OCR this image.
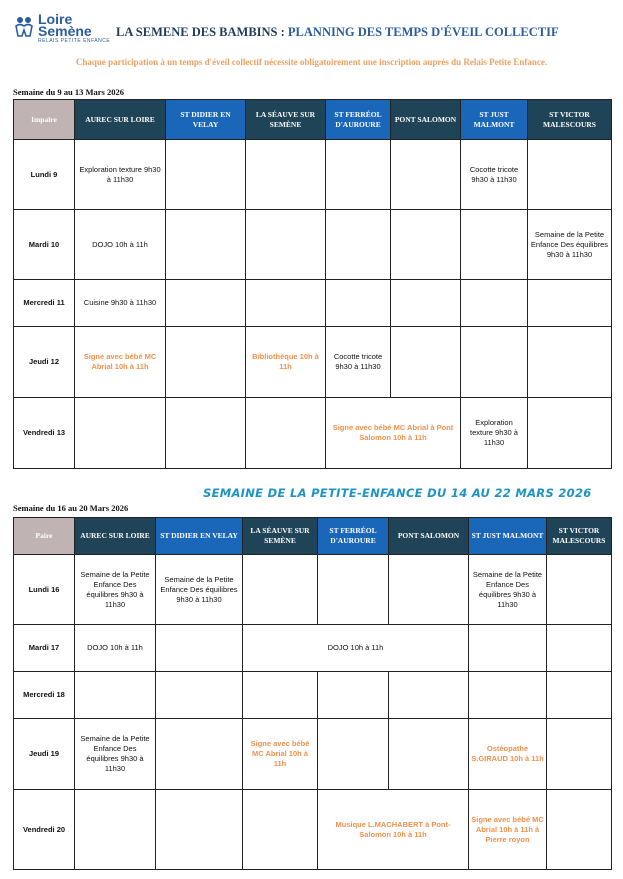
Loire
Semène
RELAIS PETITE ENFANCE
LA SEMENE DES BAMBINS : PLANNING DES TEMPS D'ÉVEIL COLLECTIF
Chaque participation à un temps d'éveil collectif nécessite obligatoirement une inscription auprès du Relais Petite Enfance.
Semaine du 9 au 13 Mars 2026
Impaire	AUREC SUR LOIRE	ST DIDIER EN VELAY	LA SÉAUVE SUR SEMÈNE	ST FERRÉOL D'AUROURE	PONT SALOMON	ST JUST MALMONT	ST VICTOR MALESCOURS
Lundi 9	Exploration texture 9h30 à 11h30					Cocotte tricote 9h30 à 11h30	
Mardi 10	DOJO 10h à 11h						Semaine de la Petite Enfance Des équilibres 9h30 à 11h30
Mercredi 11	Cuisine 9h30 à 11h30						
Jeudi 12	Signe avec bébé MC Abrial 10h à 11h		Bibliothèque 10h à 11h	Cocotte tricote 9h30 à 11h30			
Vendredi 13				Signe avec bébé MC Abrial à Pont Salomon 10h à 11h		Exploration texture 9h30 à 11h30	
SEMAINE DE LA PETITE-ENFANCE DU 14 AU 22 MARS 2026
Semaine du 16 au 20 Mars 2026
Paire	AUREC SUR LOIRE	ST DIDIER EN VELAY	LA SÉAUVE SUR SEMÈNE	ST FERRÉOL D'AUROURE	PONT SALOMON	ST JUST MALMONT	ST VICTOR MALESCOURS
Lundi 16	Semaine de la Petite Enfance Des équilibres 9h30 à 11h30	Semaine de la Petite Enfance Des équilibres 9h30 à 11h30				Semaine de la Petite Enfance Des équilibres 9h30 à 11h30	
Mardi 17	DOJO 10h à 11h		DOJO 10h à 11h				
Mercredi 18							
Jeudi 19	Semaine de la Petite Enfance Des équilibres 9h30 à 11h30		Signe avec bébé MC Abrial 10h à 11h			Ostéopathe S.GIRAUD 10h à 11h	
Vendredi 20				Musique L.MACHABERT à Pont-Salomon 10h à 11h		Signe avec bébé MC Abrial 10h à 11h à Pierre royon	
